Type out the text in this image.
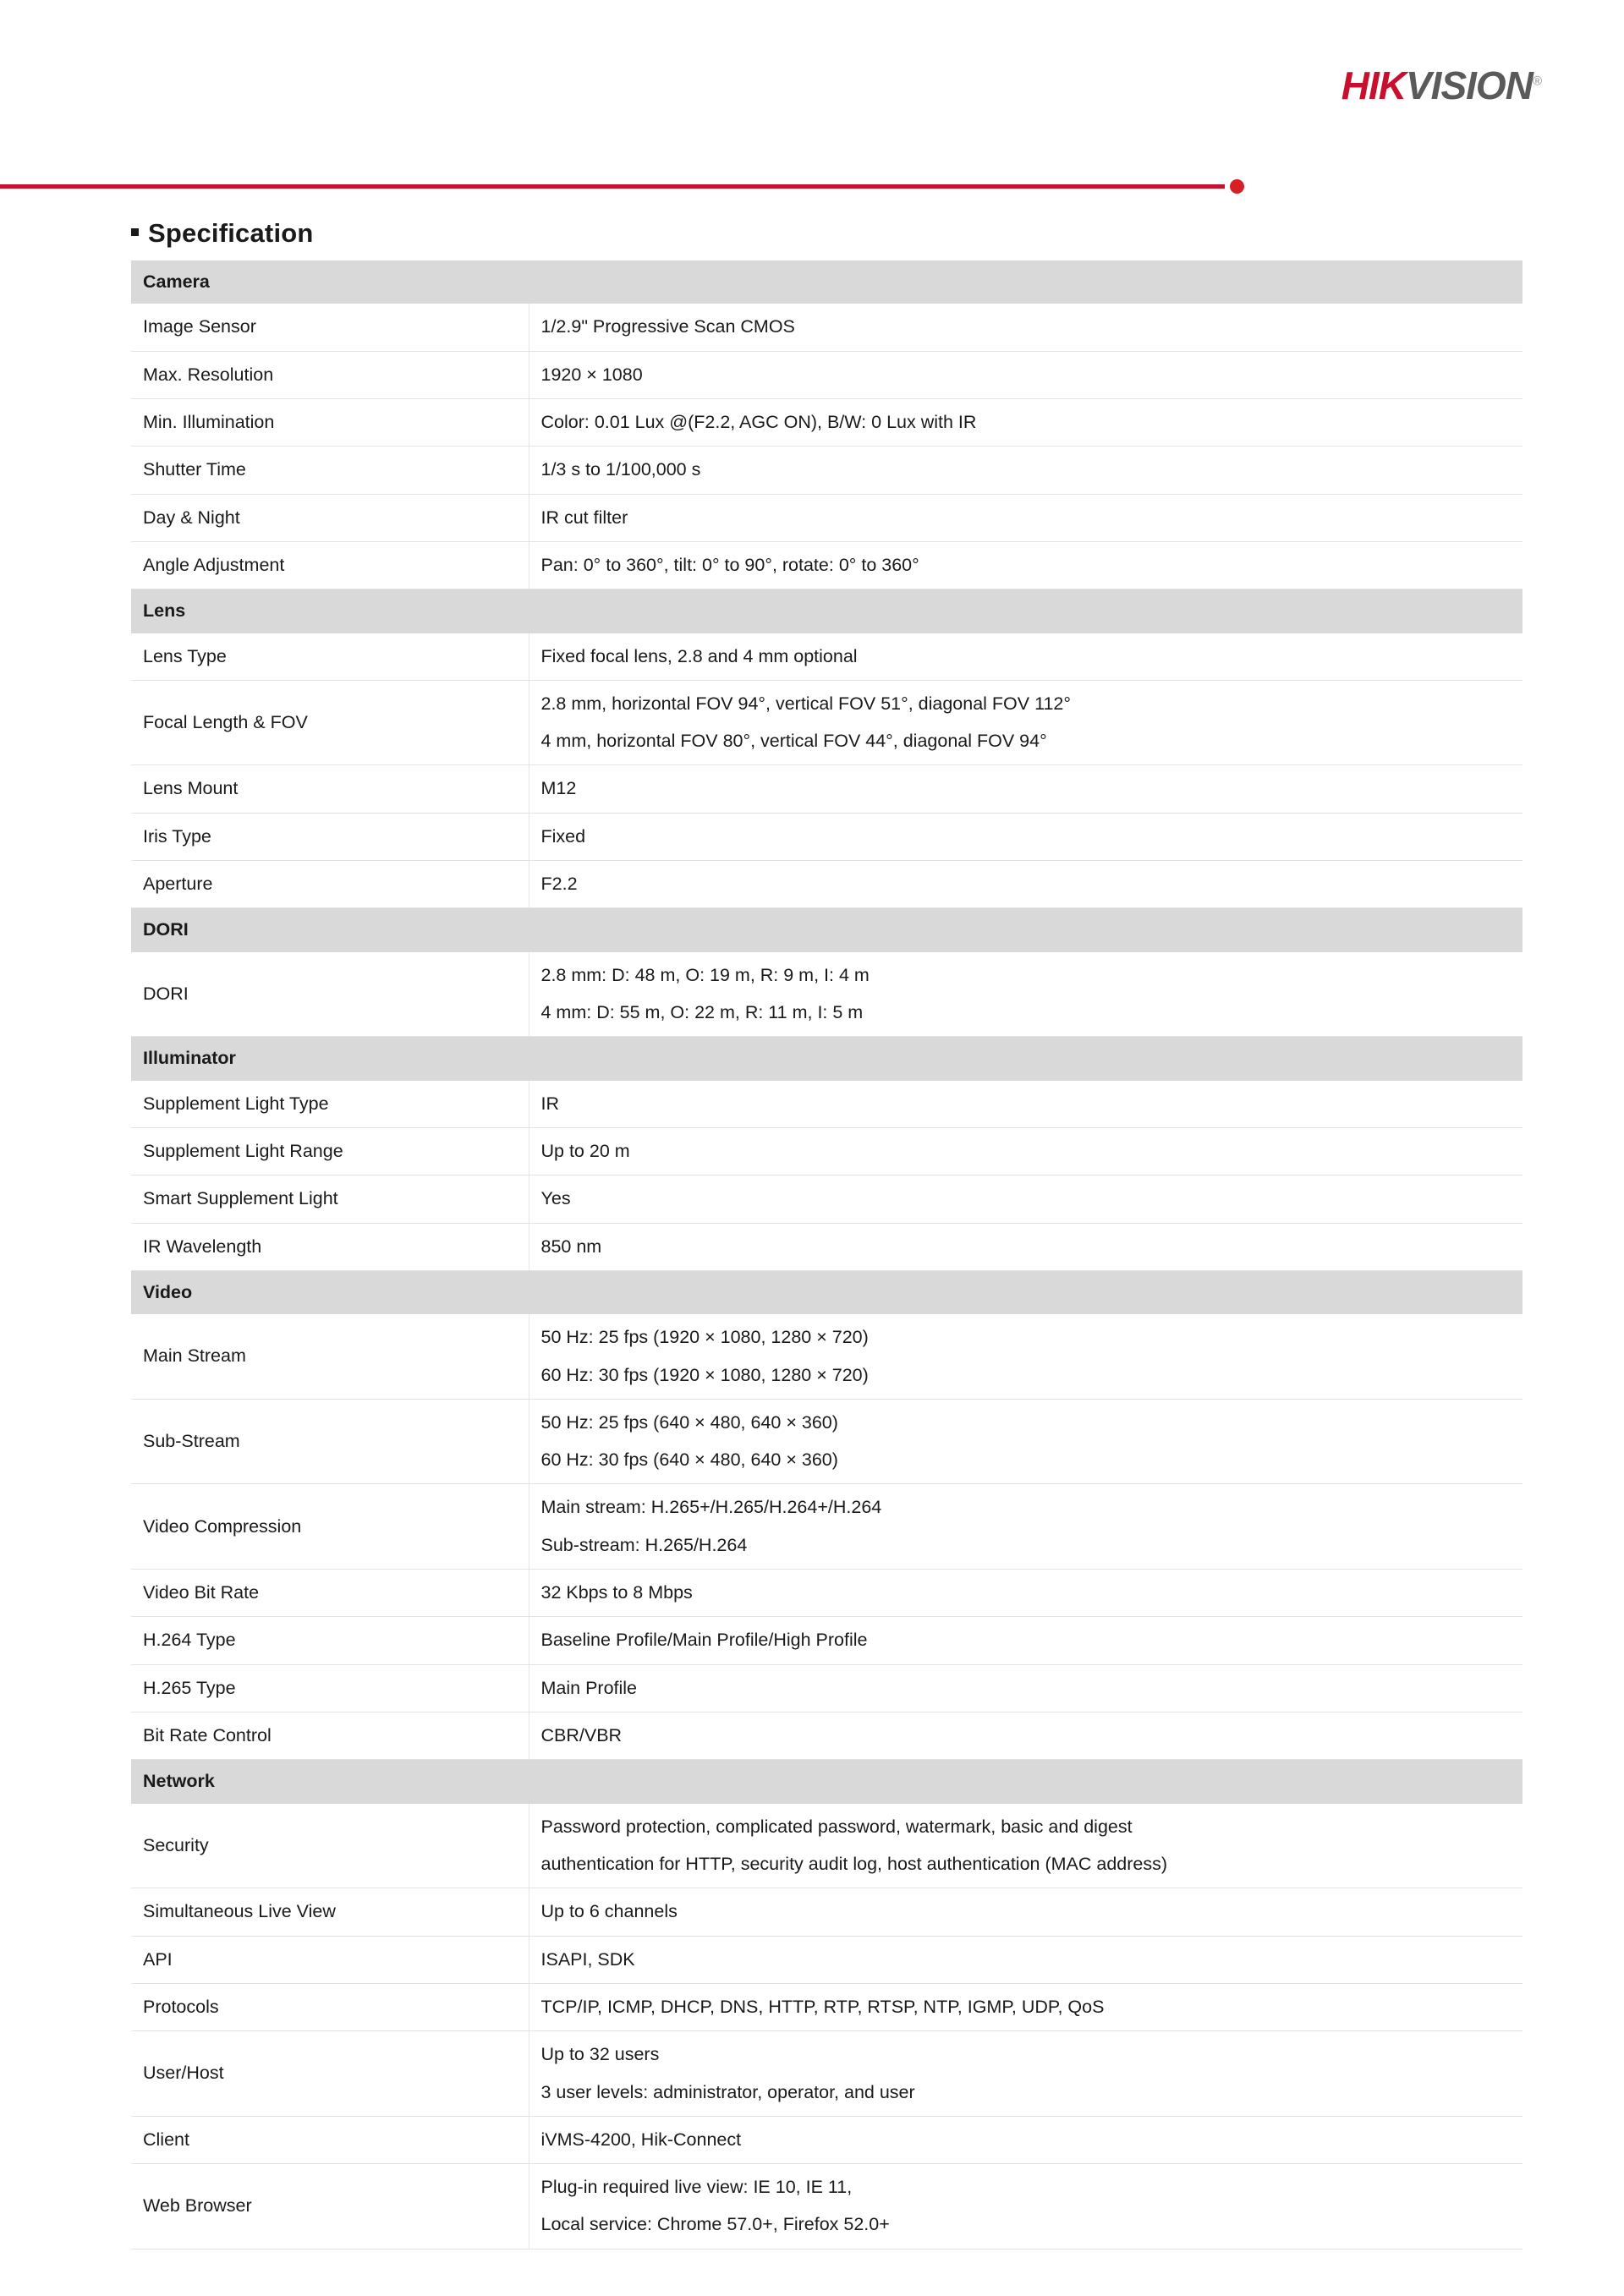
HIKVISION®
Specification
Camera	
Image Sensor	1/2.9" Progressive Scan CMOS

Max. Resolution	1920 × 1080

Min. Illumination	Color: 0.01 Lux @(F2.2, AGC ON), B/W: 0 Lux with IR

Shutter Time	1/3 s to 1/100,000 s

Day & Night	IR cut filter

Angle Adjustment	Pan: 0° to 360°, tilt: 0° to 90°, rotate: 0° to 360°

Lens	
Lens Type	Fixed focal lens, 2.8 and 4 mm optional

Focal Length & FOV	2.8 mm, horizontal FOV 94°, vertical FOV 51°, diagonal FOV 112°
4 mm, horizontal FOV 80°, vertical FOV 44°, diagonal FOV 94°

Lens Mount	M12

Iris Type	Fixed

Aperture	F2.2

DORI	
DORI	2.8 mm: D: 48 m, O: 19 m, R: 9 m, I: 4 m
4 mm: D: 55 m, O: 22 m, R: 11 m, I: 5 m

Illuminator	
Supplement Light Type	IR

Supplement Light Range	Up to 20 m

Smart Supplement Light	Yes

IR Wavelength	850 nm

Video	
Main Stream	50 Hz: 25 fps (1920 × 1080, 1280 × 720)
60 Hz: 30 fps (1920 × 1080, 1280 × 720)

Sub-Stream	50 Hz: 25 fps (640 × 480, 640 × 360)
60 Hz: 30 fps (640 × 480, 640 × 360)

Video Compression	Main stream: H.265+/H.265/H.264+/H.264
Sub-stream: H.265/H.264

Video Bit Rate	32 Kbps to 8 Mbps

H.264 Type	Baseline Profile/Main Profile/High Profile

H.265 Type	Main Profile

Bit Rate Control	CBR/VBR

Network	
Security	Password protection, complicated password, watermark, basic and digest
authentication for HTTP, security audit log, host authentication (MAC address)

Simultaneous Live View	Up to 6 channels

API	ISAPI, SDK

Protocols	TCP/IP, ICMP, DHCP, DNS, HTTP, RTP, RTSP, NTP, IGMP, UDP, QoS

User/Host	Up to 32 users
3 user levels: administrator, operator, and user

Client	iVMS-4200, Hik-Connect

Web Browser	Plug-in required live view: IE 10, IE 11,
Local service: Chrome 57.0+, Firefox 52.0+
